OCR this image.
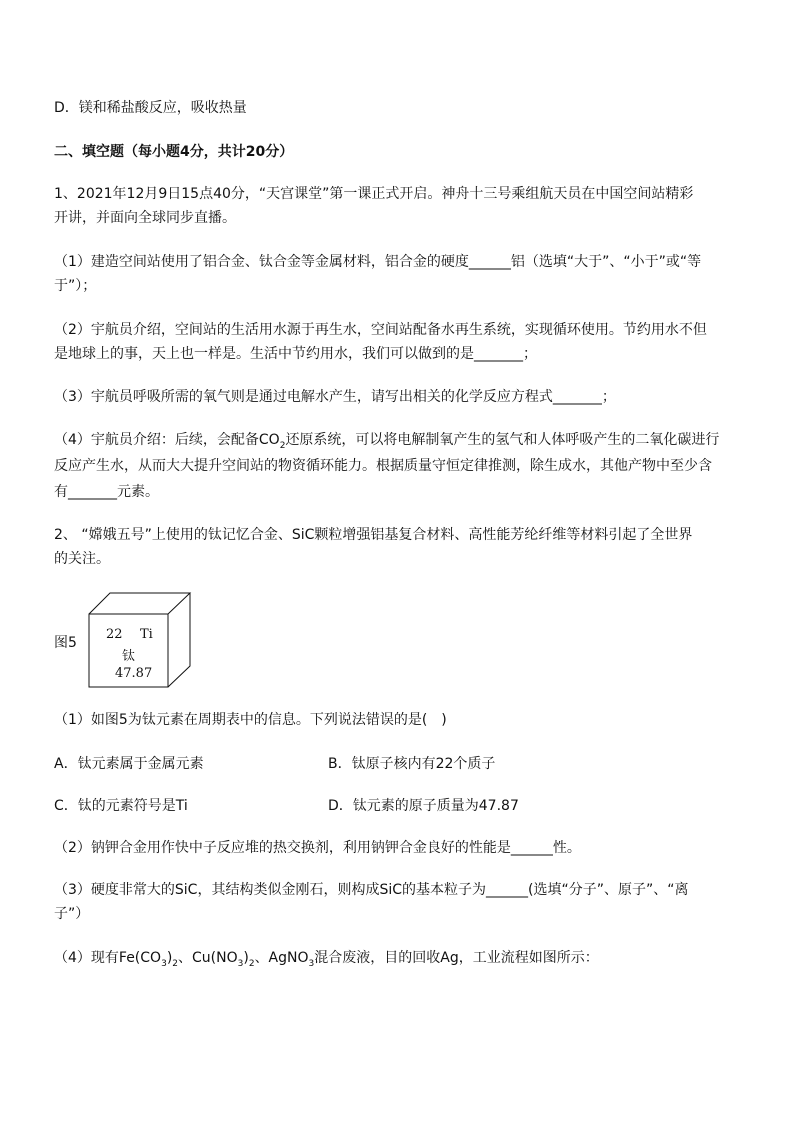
D．镁和稀盐酸反应，吸收热量
二、填空题（每小题4分，共计20分）
1、2021年12月9日15点40分，“天宫课堂”第一课正式开启。神舟十三号乘组航天员在中国空间站精彩
开讲，并面向全球同步直播。
（1）建造空间站使用了铝合金、钛合金等金属材料，铝合金的硬度______铝（选填“大于”、“小于”或“等
于”）；
（2）宇航员介绍，空间站的生活用水源于再生水，空间站配备水再生系统，实现循环使用。节约用水不但
是地球上的事，天上也一样是。生活中节约用水，我们可以做到的是_______；
（3）宇航员呼吸所需的氧气则是通过电解水产生，请写出相关的化学反应方程式_______；
（4）宇航员介绍：后续，会配备$CO_2$还原系统，可以将电解制氧产生的氢气和人体呼吸产生的二氧化碳进行
反应产生水，从而大大提升空间站的物资循环能力。根据质量守恒定律推测，除生成水，其他产物中至少含
有_______元素。
2、 “嫦娥五号”上使用的钛记忆合金、SiC颗粒增强铝基复合材料、高性能芳纶纤维等材料引起了全世界
的关注。
图5
22 Ti
钛
47.87
（1）如图5为钛元素在周期表中的信息。下列说法错误的是(　)
A．钛元素属于金属元素	B．钛原子核内有22个质子
C．钛的元素符号是Ti	D．钛元素的原子质量为47.87
（2）钠钾合金用作快中子反应堆的热交换剂，利用钠钾合金良好的性能是______性。
（3）硬度非常大的SiC，其结构类似金刚石，则构成SiC的基本粒子为______(选填“分子”、原子”、“离
子”）
（4）现有$Fe(CO_3)_2$、$Cu(NO_3)_2$、AgNO$_3$混合废液，目的回收Ag，工业流程如图所示：
